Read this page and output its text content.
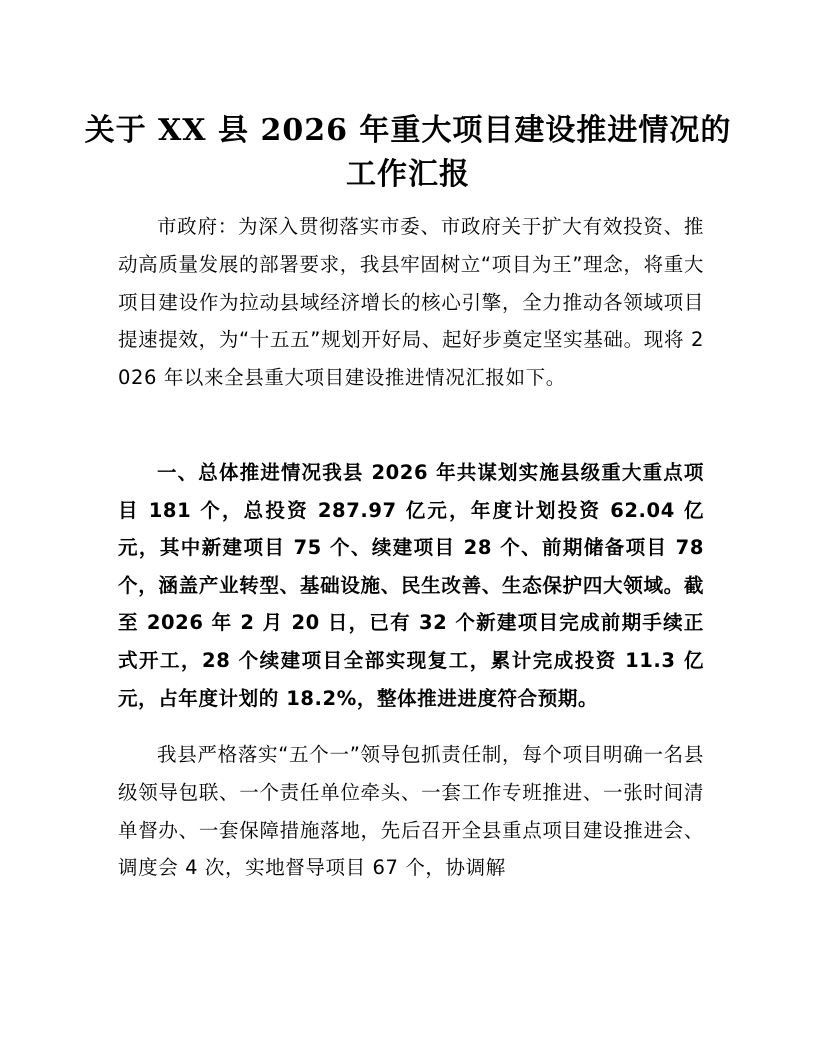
关于 XX 县 2026 年重大项目建设推进情况的
工作汇报

市政府：为深入贯彻落实市委、市政府关于扩大有效投资、推动高质量发展的部署要求，我县牢固树立“项目为王”理念，将重大项目建设作为拉动县域经济增长的核心引擎，全力推动各领域项目提速提效，为“十五五”规划开好局、起好步奠定坚实基础。现将 2026 年以来全县重大项目建设推进情况汇报如下。

一、总体推进情况我县 2026 年共谋划实施县级重大重点项目 181 个，总投资 287.97 亿元，年度计划投资 62.04 亿元，其中新建项目 75 个、续建项目 28 个、前期储备项目 78 个，涵盖产业转型、基础设施、民生改善、生态保护四大领域。截至 2026 年 2 月 20 日，已有 32 个新建项目完成前期手续正式开工，28 个续建项目全部实现复工，累计完成投资 11.3 亿元，占年度计划的 18.2%，整体推进进度符合预期。

我县严格落实“五个一”领导包抓责任制，每个项目明确一名县级领导包联、一个责任单位牵头、一套工作专班推进、一张时间清单督办、一套保障措施落地，先后召开全县重点项目建设推进会、调度会 4 次，实地督导项目 67 个，协调解
